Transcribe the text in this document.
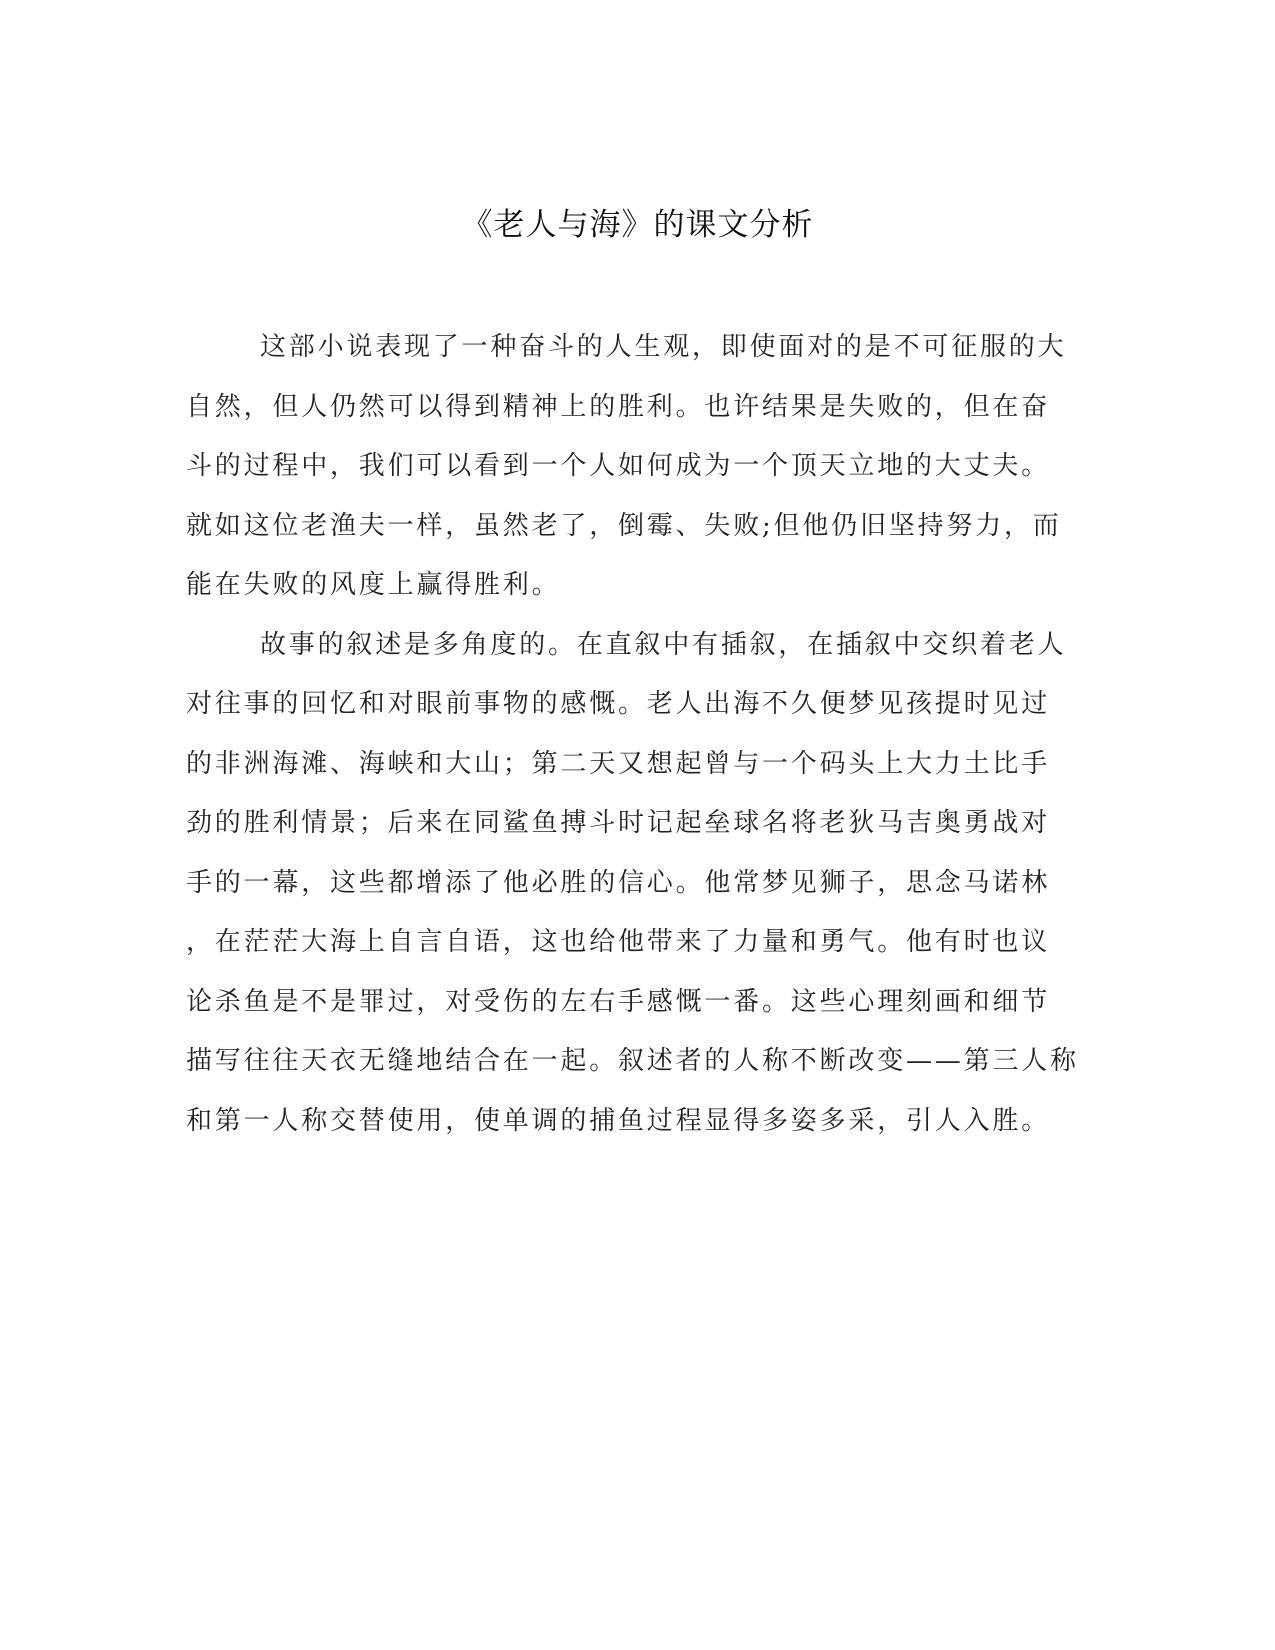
《老人与海》的课文分析
这部小说表现了一种奋斗的人生观，即使面对的是不可征服的大
自然，但人仍然可以得到精神上的胜利。也许结果是失败的，但在奋
斗的过程中，我们可以看到一个人如何成为一个顶天立地的大丈夫。
就如这位老渔夫一样，虽然老了，倒霉、失败;但他仍旧坚持努力，而
能在失败的风度上赢得胜利。
故事的叙述是多角度的。在直叙中有插叙，在插叙中交织着老人
对往事的回忆和对眼前事物的感慨。老人出海不久便梦见孩提时见过
的非洲海滩、海峡和大山；第二天又想起曾与一个码头上大力土比手
劲的胜利情景；后来在同鲨鱼搏斗时记起垒球名将老狄马吉奥勇战对
手的一幕，这些都增添了他必胜的信心。他常梦见狮子，思念马诺林
，在茫茫大海上自言自语，这也给他带来了力量和勇气。他有时也议
论杀鱼是不是罪过，对受伤的左右手感慨一番。这些心理刻画和细节
描写往往天衣无缝地结合在一起。叙述者的人称不断改变——第三人称
和第一人称交替使用，使单调的捕鱼过程显得多姿多采，引人入胜。
